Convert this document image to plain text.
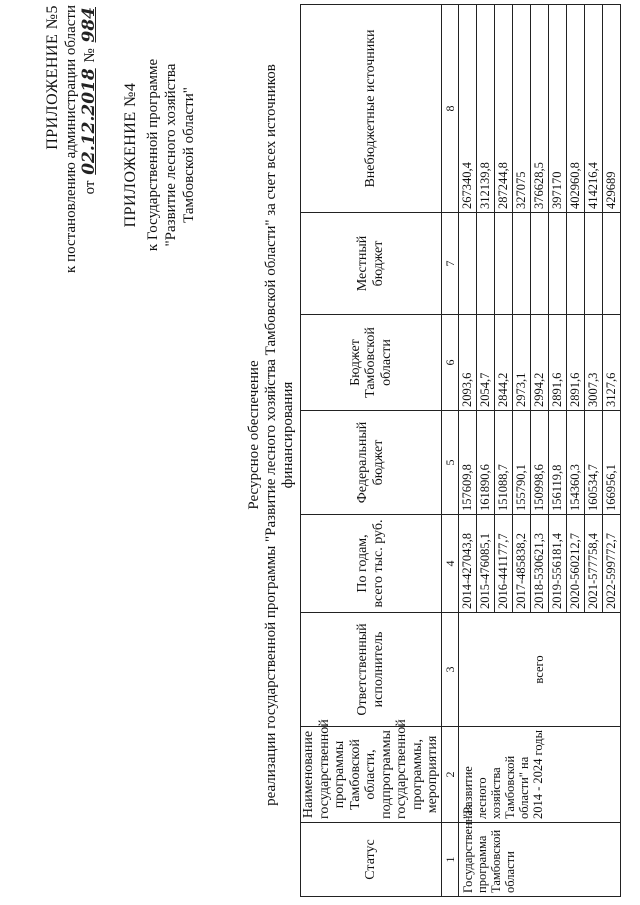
ПРИЛОЖЕНИЕ №5 к постановлению администрации области от 02.12.2018 № 984
ПРИЛОЖЕНИЕ №4 к Государственной программе "Развитие лесного хозяйства Тамбовской области"
Ресурсное обеспечение реализации государственной программы "Развитие лесного хозяйства Тамбовской области" за счет всех источников финансирования
Статус	Наименование государственной программы Тамбовской области, подпрограммы государственной программы, мероприятия	Ответственный исполнитель	По годам, всего тыс. руб.	Федеральный бюджет	Бюджет Тамбовской области	Местный бюджет	Внебюджетные источники
1	2	3	4	5	6	7	8
Государственная программа Тамбовской области	"Развитие лесного хозяйства Тамбовской области" на 2014 - 2024 годы	всего	2014-427043,8	157609,8	2093,6		267340,4
			2015-476085,1	161890,6	2054,7		312139,8
			2016-441177,7	151088,7	2844,2		287244,8
			2017-485838,2	155790,1	2973,1		327075
			2018-530621,3	150998,6	2994,2		376628,5
			2019-556181,4	156119,8	2891,6		397170
			2020-560212,7	154360,3	2891,6		402960,8
			2021-577758,4	160534,7	3007,3		414216,4
			2022-599772,7	166956,1	3127,6		429689
